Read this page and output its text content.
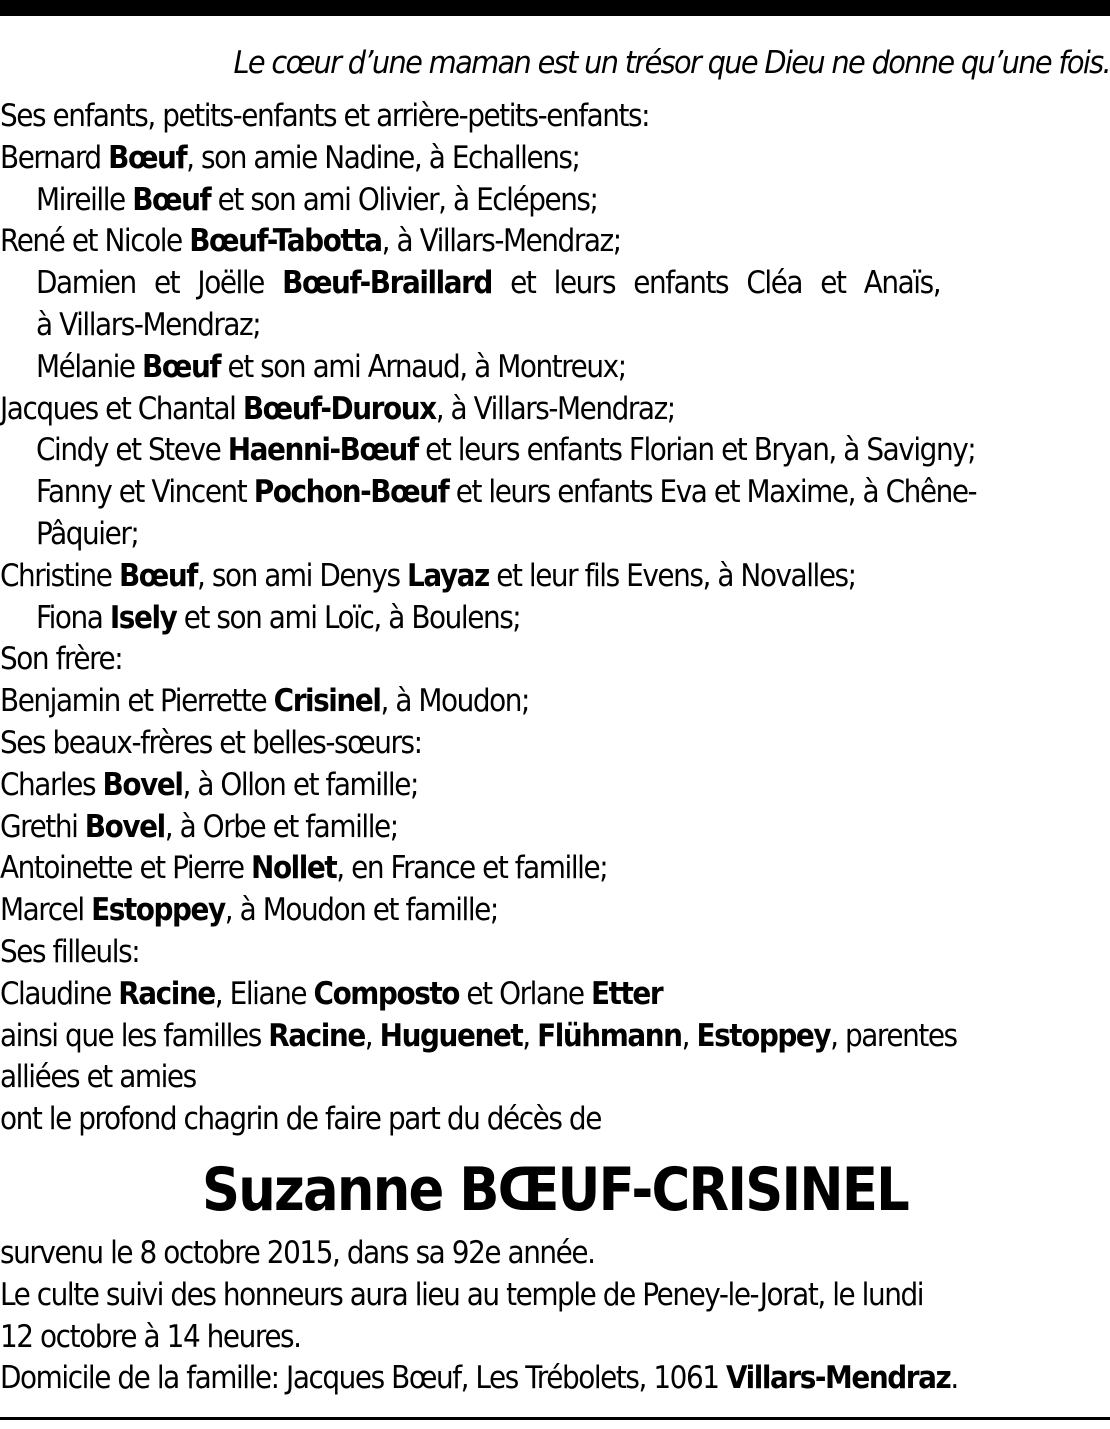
Le cœur d’une maman est un trésor que Dieu ne donne qu’une fois.
Ses enfants, petits-enfants et arrière-petits-enfants:
Bernard Bœuf, son amie Nadine, à Echallens;
Mireille Bœuf et son ami Olivier, à Eclépens;
René et Nicole Bœuf-Tabotta, à Villars-Mendraz;
Damien et Joëlle Bœuf-Braillard et leurs enfants Cléa et Anaïs,
à Villars-Mendraz;
Mélanie Bœuf et son ami Arnaud, à Montreux;
Jacques et Chantal Bœuf-Duroux, à Villars-Mendraz;
Cindy et Steve Haenni-Bœuf et leurs enfants Florian et Bryan, à Savigny;
Fanny et Vincent Pochon-Bœuf et leurs enfants Eva et Maxime, à Chêne-
Pâquier;
Christine Bœuf, son ami Denys Layaz et leur fils Evens, à Novalles;
Fiona Isely et son ami Loïc, à Boulens;
Son frère:
Benjamin et Pierrette Crisinel, à Moudon;
Ses beaux-frères et belles-sœurs:
Charles Bovel, à Ollon et famille;
Grethi Bovel, à Orbe et famille;
Antoinette et Pierre Nollet, en France et famille;
Marcel Estoppey, à Moudon et famille;
Ses filleuls:
Claudine Racine, Eliane Composto et Orlane Etter
ainsi que les familles Racine, Huguenet, Flühmann, Estoppey, parentes
alliées et amies
ont le profond chagrin de faire part du décès de
Suzanne BŒUF-CRISINEL
survenu le 8 octobre 2015, dans sa 92e année.
Le culte suivi des honneurs aura lieu au temple de Peney-le-Jorat, le lundi
12 octobre à 14 heures.
Domicile de la famille: Jacques Bœuf, Les Trébolets, 1061 Villars-Mendraz.
